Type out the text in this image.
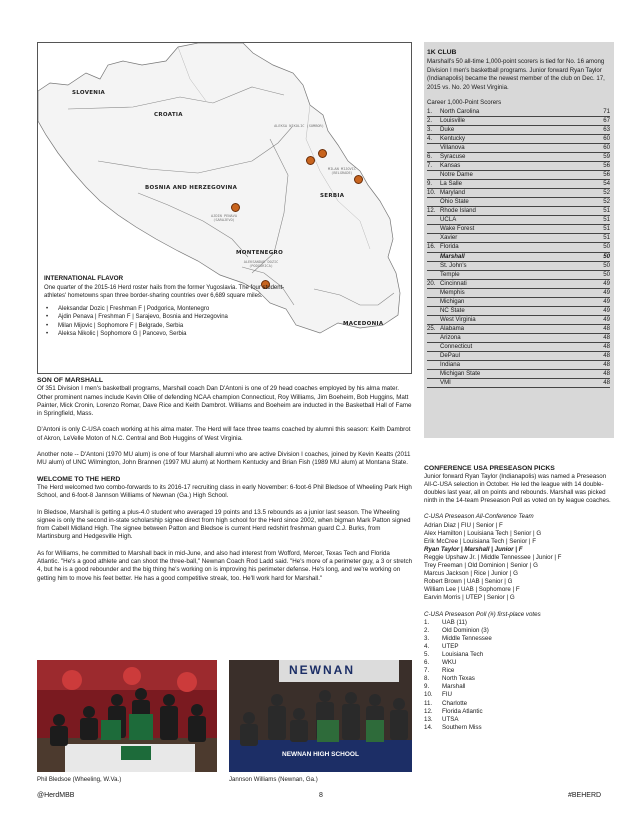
SLOVENIA
CROATIA
BOSNIA AND HERZEGOVINA
SERBIA
MONTENEGRO
MACEDONIA
ALEKSA NIKOLIC (SOMBOR)
MILAN MIJOVIC (BELGRADE)
AJDIN PENAVA (SARAJEVO)
ALEKSANDAR DOZIC (PODGORICA)
INTERNATIONAL FLAVOR
One quarter of the 2015-16 Herd roster hails from the former Yugoslavia. The four student-athletes' hometowns span three border-sharing countries over 6,689 square miles.
• Aleksandar Dozic | Freshman F | Podgorica, Montenegro
• Ajdin Penava | Freshman F | Sarajevo, Bosnia and Herzegovina
• Milan Mijovic | Sophomore F | Belgrade, Serbia
• Aleksa Nikolic | Sophomore G | Pancevo, Serbia
1K CLUB
Marshall's 50 all-time 1,000-point scorers is tied for No. 16 among Division I men's basketball programs. Junior forward Ryan Taylor (Indianapolis) became the newest member of the club on Dec. 17, 2015 vs. No. 20 West Virginia.
Career 1,000-Point Scorers
1.	North Carolina	71
2.	Louisville	67
3.	Duke	63
4.	Kentucky	60
Villanova	60
6.	Syracuse	59
7.	Kansas	56
Notre Dame	56
9.	La Salle	54
10. Maryland	52
Ohio State	52
12. Rhode Island	51
UCLA	51
Wake Forest	51
Xavier	51
16. Florida	50
Marshall	50
St. John's	50
Temple	50
20. Cincinnati	49
Memphis	49
Michigan	49
NC State	49
West Virginia	49
25. Alabama	48
Arizona	48
Connecticut	48
DePaul	48
Indiana	48
Michigan State	48
VMI	48
SON OF MARSHALL

Of 351 Division I men's basketball programs, Marshall coach Dan D'Antoni is one of 29 head coaches employed by his alma mater. Other prominent names include Kevin Ollie of defending NCAA champion Connecticut, Roy Williams, Jim Boeheim, Bob Huggins, Matt Painter, Mick Cronin, Lorenzo Romar, Dave Rice and Keith Dambrot. Williams and Boeheim are inducted in the Basketball Hall of Fame in Springfield, Mass.

D'Antoni is only C-USA coach working at his alma mater. The Herd will face three teams coached by alumni this season: Keith Dambrot of Akron, LeVelle Moton of N.C. Central and Bob Huggins of West Virginia.

Another note -- D'Antoni (1970 MU alum) is one of four Marshall alumni who are active Division I coaches, joined by Kevin Keatts (2011 MU alum) of UNC Wilmington, John Brannen (1997 MU alum) at Northern Kentucky and Brian Fish (1989 MU alum) at Montana State.

WELCOME TO THE HERD

The Herd welcomed two combo-forwards to its 2016-17 recruiting class in early November: 6-foot-6 Phil Bledsoe of Wheeling Park High School, and 6-foot-8 Jannson Williams of Newnan (Ga.) High School.

In Bledsoe, Marshall is getting a plus-4.0 student who averaged 19 points and 13.5 rebounds as a junior last season. The Wheeling signee is only the second in-state scholarship signee direct from high school for the Herd since 2002, when bigman Mark Patton signed from Cabell Midland High. The signee between Patton and Bledsoe is current Herd redshirt freshman guard C.J. Burks, from Martinsburg and Hedgesville High.

As for Williams, he committed to Marshall back in mid-June, and also had interest from Wofford, Mercer, Texas Tech and Florida Atlantic. "He's a good athlete and can shoot the three-ball," Newnan Coach Rod Ladd said. "He's more of a perimeter guy, a 3 or stretch 4, but he is a good rebounder and the big thing he's working on is improving his perimeter defense. He's long, and we're working on getting him to move his feet better. He has a good competitive streak, too. He'll work hard for Marshall."

Phil Bledsoe (Wheeling, W.Va.)
NEWNAN
NEWNAN HIGH SCHOOL
Jannson Williams (Newnan, Ga.)
CONFERENCE USA PRESEASON PICKS
Junior forward Ryan Taylor (Indianapolis) was named a Preseason All-C-USA selection in October. He led the league with 14 double-doubles last year, all on points and rebounds. Marshall was picked ninth in the 14-team Preseason Poll as voted on by league coaches.
C-USA Preseason All-Conference Team
Adrian Diaz | FIU | Senior | F
Alex Hamilton | Louisiana Tech | Senior | G
Erik McCree | Louisiana Tech | Senior | F
Ryan Taylor | Marshall | Junior | F
Reggie Upshaw Jr. | Middle Tennessee | Junior | F
Trey Freeman | Old Dominion | Senior | G
Marcus Jackson | Rice | Junior | G
Robert Brown | UAB | Senior | G
William Lee | UAB | Sophomore | F
Earvin Morris | UTEP | Senior | G
C-USA Preseason Poll (#) first-place votes
1.	UAB (11)
2.	Old Dominion (3)
3.	Middle Tennessee
4.	UTEP
5.	Louisiana Tech
6.	WKU
7.	Rice
8.	North Texas
9.	Marshall
10.	FIU
11.	Charlotte
12.	Florida Atlantic
13.	UTSA
14.	Southern Miss
@HerdMBB	8	#BEHERD
